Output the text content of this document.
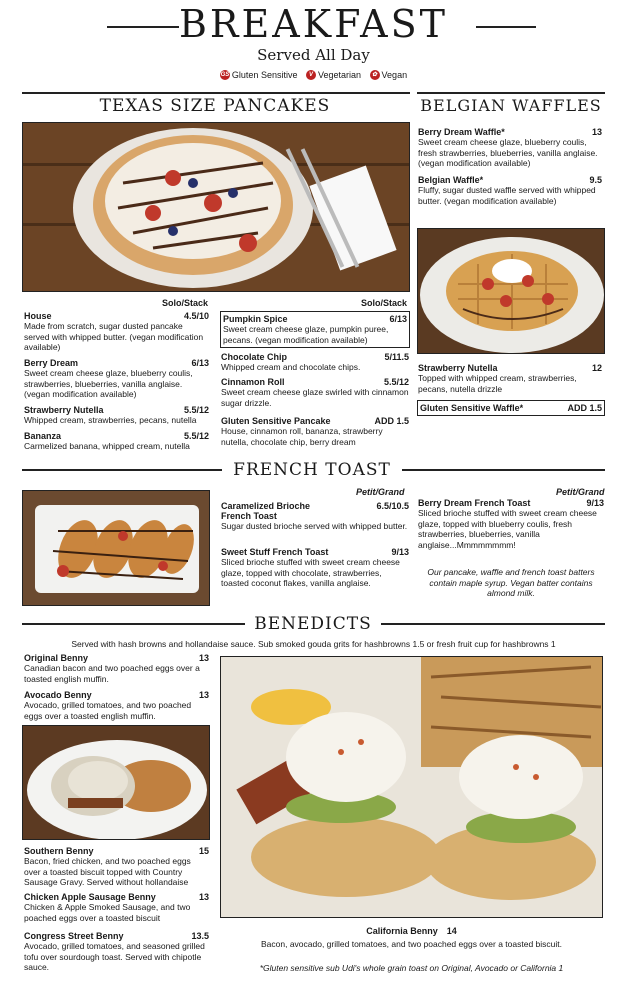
BREAKFAST
Served All Day
GS Gluten Sensitive
	V Vegetarian
	✿ Vegan
TEXAS SIZE PANCAKES
Solo/Stack	Solo/Stack
House	4.5/10
Made from scratch, sugar dusted pancake served with whipped butter. (vegan modification available)
Berry Dream	6/13
Sweet cream cheese glaze, blueberry coulis, strawberries, blueberries, vanilla anglaise. (vegan modification available)
Strawberry Nutella	5.5/12
Whipped cream, strawberries, pecans, nutella
Bananza	5.5/12
Carmelized banana, whipped cream, nutella
Pumpkin Spice	6/13
Sweet cream cheese glaze, pumpkin puree, pecans. (vegan modification available)
Chocolate Chip	5/11.5
Whipped cream and chocolate chips.
Cinnamon Roll	5.5/12
Sweet cream cheese glaze swirled with cinnamon sugar drizzle.
Gluten Sensitive Pancake	ADD 1.5
House, cinnamon roll, bananza, strawberry nutella, chocolate chip, berry dream
BELGIAN WAFFLES
Berry Dream Waffle*	13
Sweet cream cheese glaze, blueberry coulis, fresh strawberries, blueberries, vanilla anglaise. (vegan modification available)
Belgian Waffle*	9.5
Fluffy, sugar dusted waffle served with whipped butter. (vegan modification available)
Strawberry Nutella	12
Topped with whipped cream, strawberries, pecans, nutella drizzle
Gluten Sensitive Waffle*	ADD 1.5
FRENCH TOAST
Petit/Grand	Petit/Grand
Caramelized Brioche French Toast
6.5/10.5
Sugar dusted brioche served with whipped butter.
Sweet Stuff French Toast	9/13
Sliced brioche stuffed with sweet cream cheese glaze, topped with chocolate, strawberries, toasted coconut flakes, vanilla anglaise.
Berry Dream French Toast	9/13
Sliced brioche stuffed with sweet cream cheese glaze, topped with blueberry coulis, fresh strawberries, blueberries, vanilla anglaise...Mmmmmmmm!
Our pancake, waffle and french toast batters contain maple syrup. Vegan batter contains almond milk.
BENEDICTS
Served with hash browns and hollandaise sauce. Sub smoked gouda grits for hashbrowns 1.5 or fresh fruit cup for hashbrowns 1
Original Benny	13
Canadian bacon and two poached eggs over a toasted english muffin.
Avocado Benny	13
Avocado, grilled tomatoes, and two poached eggs over a toasted english muffin.
Southern Benny	15
Bacon, fried chicken, and two poached eggs over a toasted biscuit topped with Country Sausage Gravy. Served without hollandaise
Chicken Apple Sausage Benny	13
Chicken & Apple Smoked Sausage, and two poached eggs over a toasted biscuit
Congress Street Benny	13.5
Avocado, grilled tomatoes, and seasoned grilled tofu over sourdough toast. Served with chipotle sauce.
California Benny 14
Bacon, avocado, grilled tomatoes, and two poached eggs over a toasted biscuit.
*Gluten sensitive sub Udi's whole grain toast on Original, Avocado or California 1
